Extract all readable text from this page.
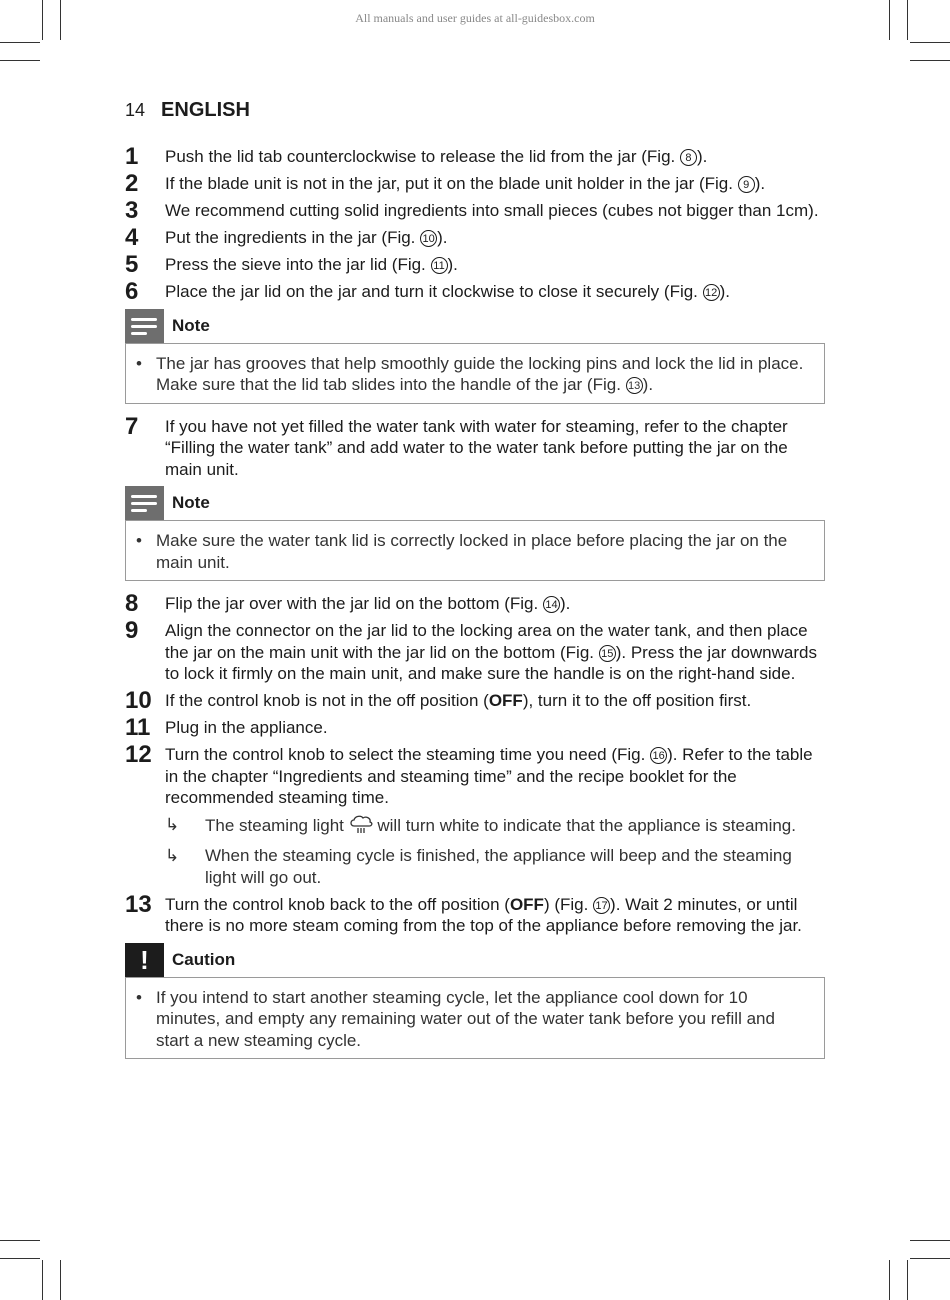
All manuals and user guides at all-guidesbox.com
14 ENGLISH
1 Push the lid tab counterclockwise to release the lid from the jar (Fig. 8 ).
2 If the blade unit is not in the jar, put it on the blade unit holder in the jar (Fig. 9 ).
3 We recommend cutting solid ingredients into small pieces (cubes not bigger than 1cm).
4 Put the ingredients in the jar (Fig. 10 ).
5 Press the sieve into the jar lid (Fig. 11 ).
6 Place the jar lid on the jar and turn it clockwise to close it securely (Fig. 12 ).
Note
• The jar has grooves that help smoothly guide the locking pins and lock the lid in place. Make sure that the lid tab slides into the handle of the jar (Fig. 13 ).
7 If you have not yet filled the water tank with water for steaming, refer to the chapter “Filling the water tank” and add water to the water tank before putting the jar on the main unit.
Note
• Make sure the water tank lid is correctly locked in place before placing the jar on the main unit.
8 Flip the jar over with the jar lid on the bottom (Fig. 14 ).
9 Align the connector on the jar lid to the locking area on the water tank, and then place the jar on the main unit with the jar lid on the bottom (Fig. 15 ). Press the jar downwards to lock it firmly on the main unit, and make sure the handle is on the right-hand side.
10 If the control knob is not in the off position (OFF), turn it to the off position first.
11 Plug in the appliance.
12 Turn the control knob to select the steaming time you need (Fig. 16 ). Refer to the table in the chapter “Ingredients and steaming time” and the recipe booklet for the recommended steaming time.
↳ The steaming light  will turn white to indicate that the appliance is steaming.
↳ When the steaming cycle is finished, the appliance will beep and the steaming light will go out.
13 Turn the control knob back to the off position (OFF) (Fig. 17 ). Wait 2 minutes, or until there is no more steam coming from the top of the appliance before removing the jar.
! Caution
• If you intend to start another steaming cycle, let the appliance cool down for 10 minutes, and empty any remaining water out of the water tank before you refill and start a new steaming cycle.
